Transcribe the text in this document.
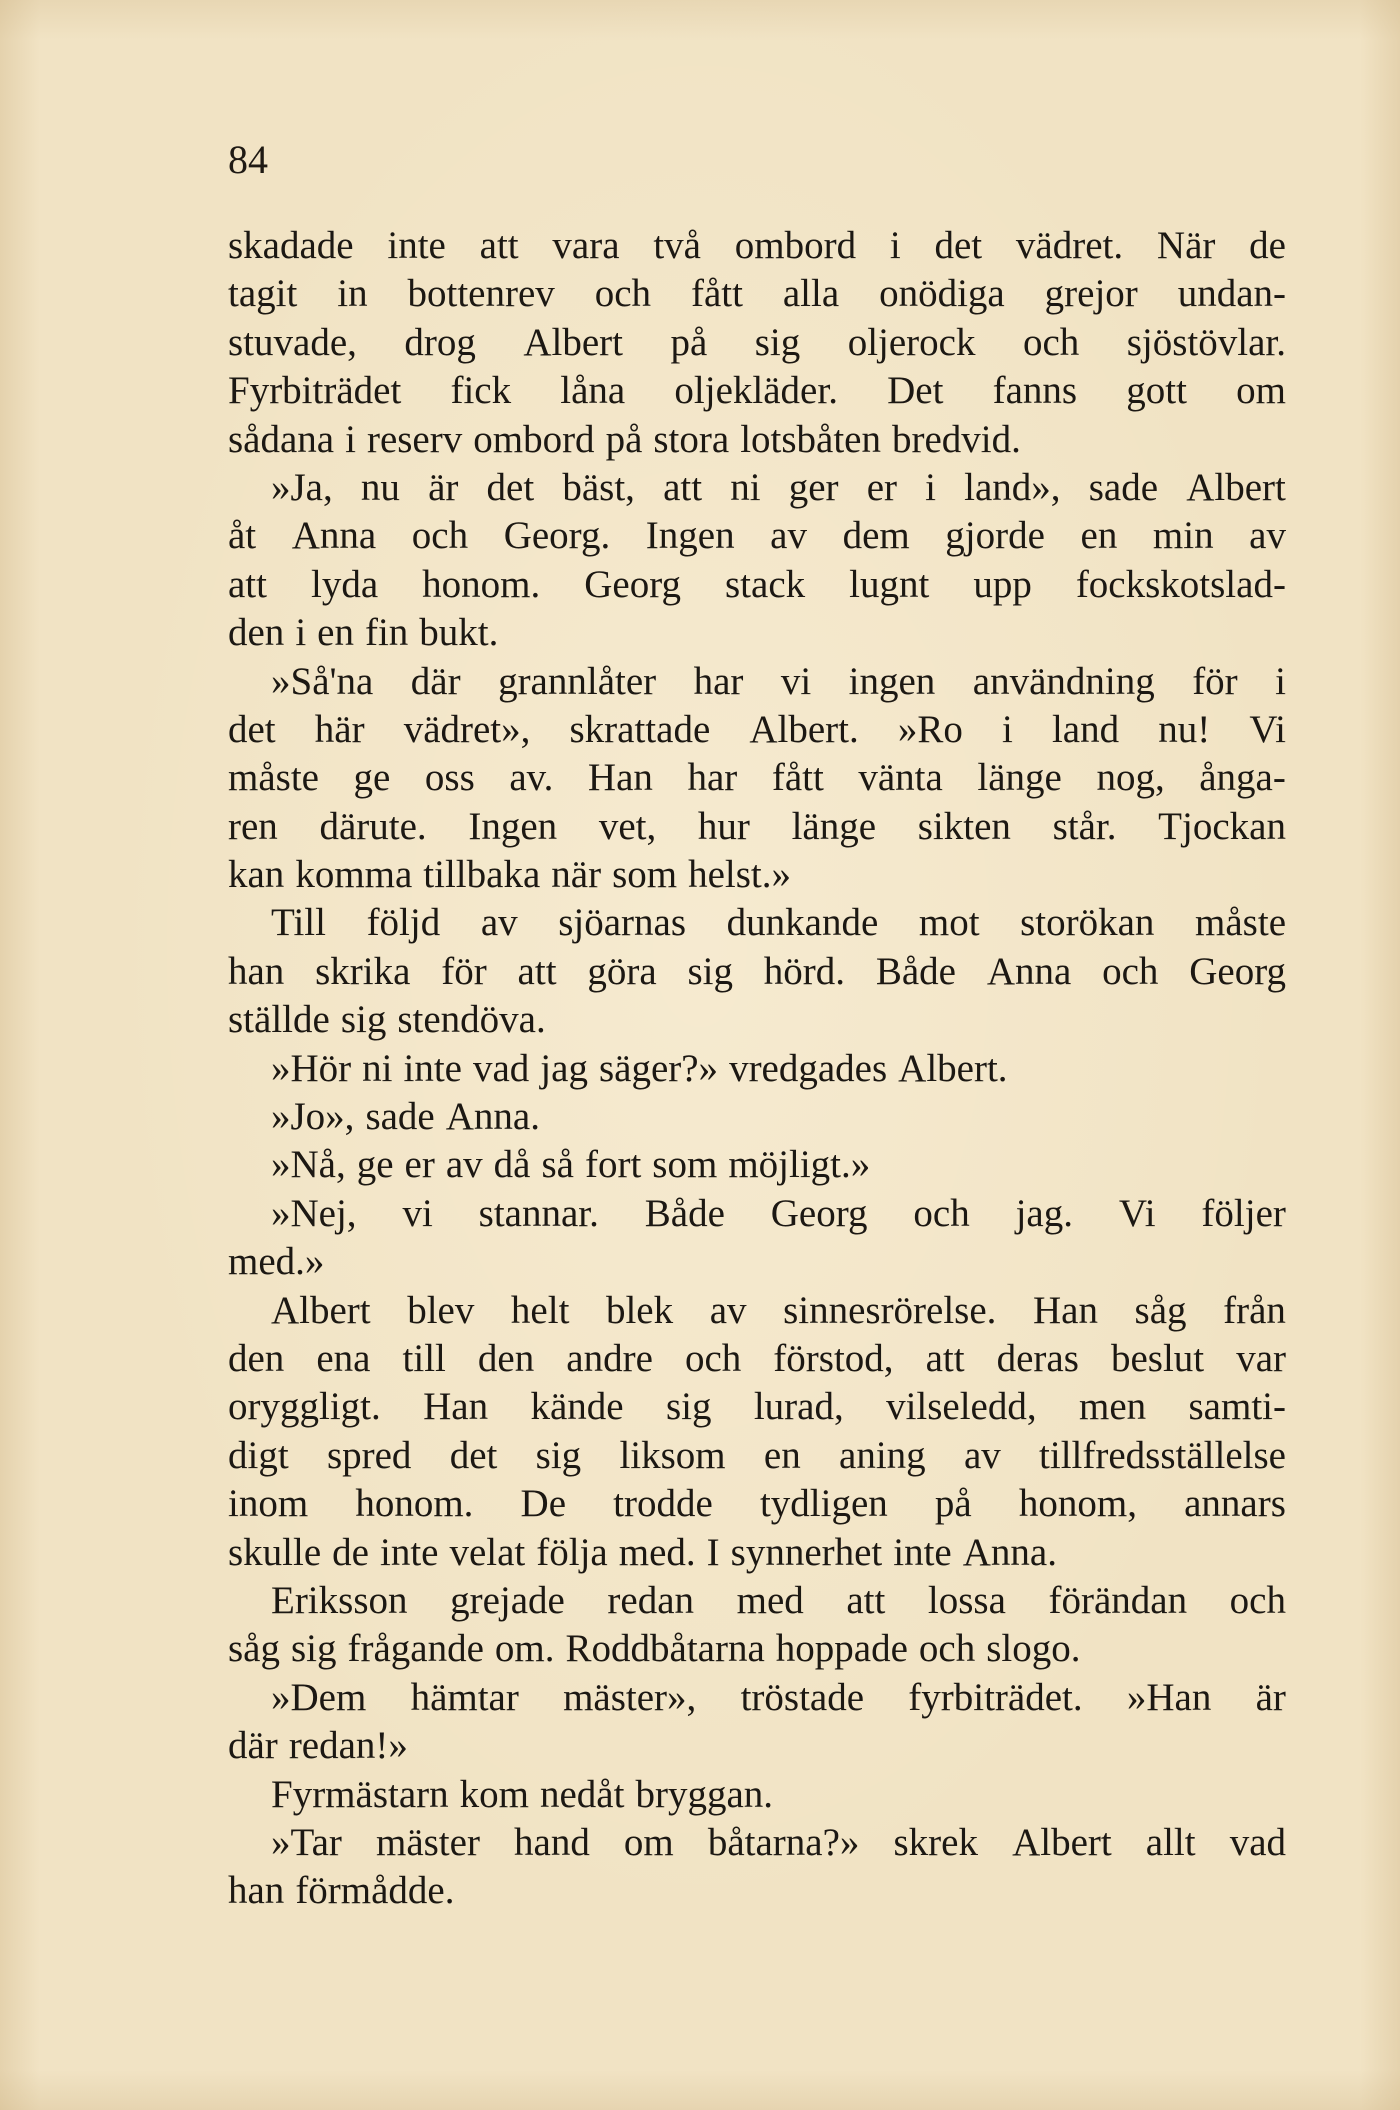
84
skadade inte att vara två ombord i det vädret. När de
tagit in bottenrev och fått alla onödiga grejor undan-
stuvade, drog Albert på sig oljerock och sjöstövlar.
Fyrbiträdet fick låna oljekläder. Det fanns gott om
sådana i reserv ombord på stora lotsbåten bredvid.
»Ja, nu är det bäst, att ni ger er i land», sade Albert
åt Anna och Georg. Ingen av dem gjorde en min av
att lyda honom. Georg stack lugnt upp fockskotslad-
den i en fin bukt.
»Så'na där grannlåter har vi ingen användning för i
det här vädret», skrattade Albert. »Ro i land nu! Vi
måste ge oss av. Han har fått vänta länge nog, ånga-
ren därute. Ingen vet, hur länge sikten står. Tjockan
kan komma tillbaka när som helst.»
Till följd av sjöarnas dunkande mot storökan måste
han skrika för att göra sig hörd. Både Anna och Georg
ställde sig stendöva.
»Hör ni inte vad jag säger?» vredgades Albert.
»Jo», sade Anna.
»Nå, ge er av då så fort som möjligt.»
»Nej, vi stannar. Både Georg och jag. Vi följer
med.»
Albert blev helt blek av sinnesrörelse. Han såg från
den ena till den andre och förstod, att deras beslut var
oryggligt. Han kände sig lurad, vilseledd, men samti-
digt spred det sig liksom en aning av tillfredsställelse
inom honom. De trodde tydligen på honom, annars
skulle de inte velat följa med. I synnerhet inte Anna.
Eriksson grejade redan med att lossa förändan och
såg sig frågande om. Roddbåtarna hoppade och slogo.
»Dem hämtar mäster», tröstade fyrbiträdet. »Han är
där redan!»
Fyrmästarn kom nedåt bryggan.
»Tar mäster hand om båtarna?» skrek Albert allt vad
han förmådde.
